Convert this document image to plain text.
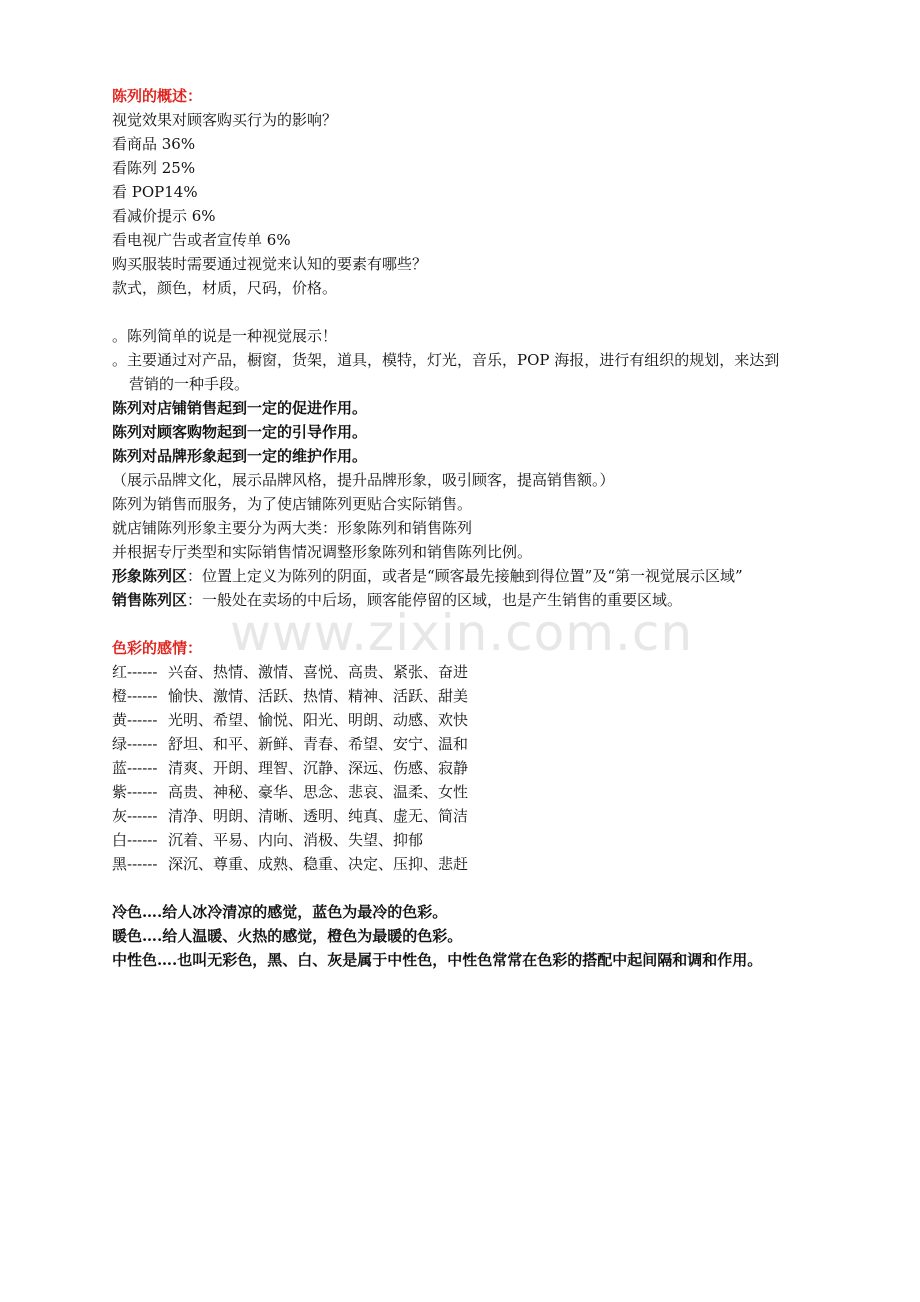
www.zixin.com.cn
陈列的概述：
视觉效果对顾客购买行为的影响？
看商品 36%
看陈列 25%
看 POP14%
看减价提示 6%
看电视广告或者宣传单 6%
购买服装时需要通过视觉来认知的要素有哪些？
款式，颜色，材质，尺码，价格。
。陈列简单的说是一种视觉展示！
。主要通过对产品，橱窗，货架，道具，模特，灯光，音乐，POP 海报，进行有组织的规划，来达到
营销的一种手段。
陈列对店铺销售起到一定的促进作用。
陈列对顾客购物起到一定的引导作用。
陈列对品牌形象起到一定的维护作用。
（展示品牌文化，展示品牌风格，提升品牌形象，吸引顾客，提高销售额。）
陈列为销售而服务，为了使店铺陈列更贴合实际销售。
就店铺陈列形象主要分为两大类：形象陈列和销售陈列
并根据专厅类型和实际销售情况调整形象陈列和销售陈列比例。
形象陈列区：位置上定义为陈列的阴面，或者是“顾客最先接触到得位置”及“第一视觉展示区域”
销售陈列区：一般处在卖场的中后场，顾客能停留的区域，也是产生销售的重要区域。
色彩的感情：
红------ 兴奋、热情、激情、喜悦、高贵、紧张、奋进
橙------ 愉快、激情、活跃、热情、精神、活跃、甜美
黄------ 光明、希望、愉悦、阳光、明朗、动感、欢快
绿------ 舒坦、和平、新鲜、青春、希望、安宁、温和
蓝------ 清爽、开朗、理智、沉静、深远、伤感、寂静
紫------ 高贵、神秘、豪华、思念、悲哀、温柔、女性
灰------ 清净、明朗、清晰、透明、纯真、虚无、简洁
白------ 沉着、平易、内向、消极、失望、抑郁
黑------ 深沉、尊重、成熟、稳重、决定、压抑、悲赶
冷色….给人冰冷清凉的感觉，蓝色为最冷的色彩。
暖色….给人温暖、火热的感觉，橙色为最暖的色彩。
中性色….也叫无彩色，黑、白、灰是属于中性色，中性色常常在色彩的搭配中起间隔和调和作用。
